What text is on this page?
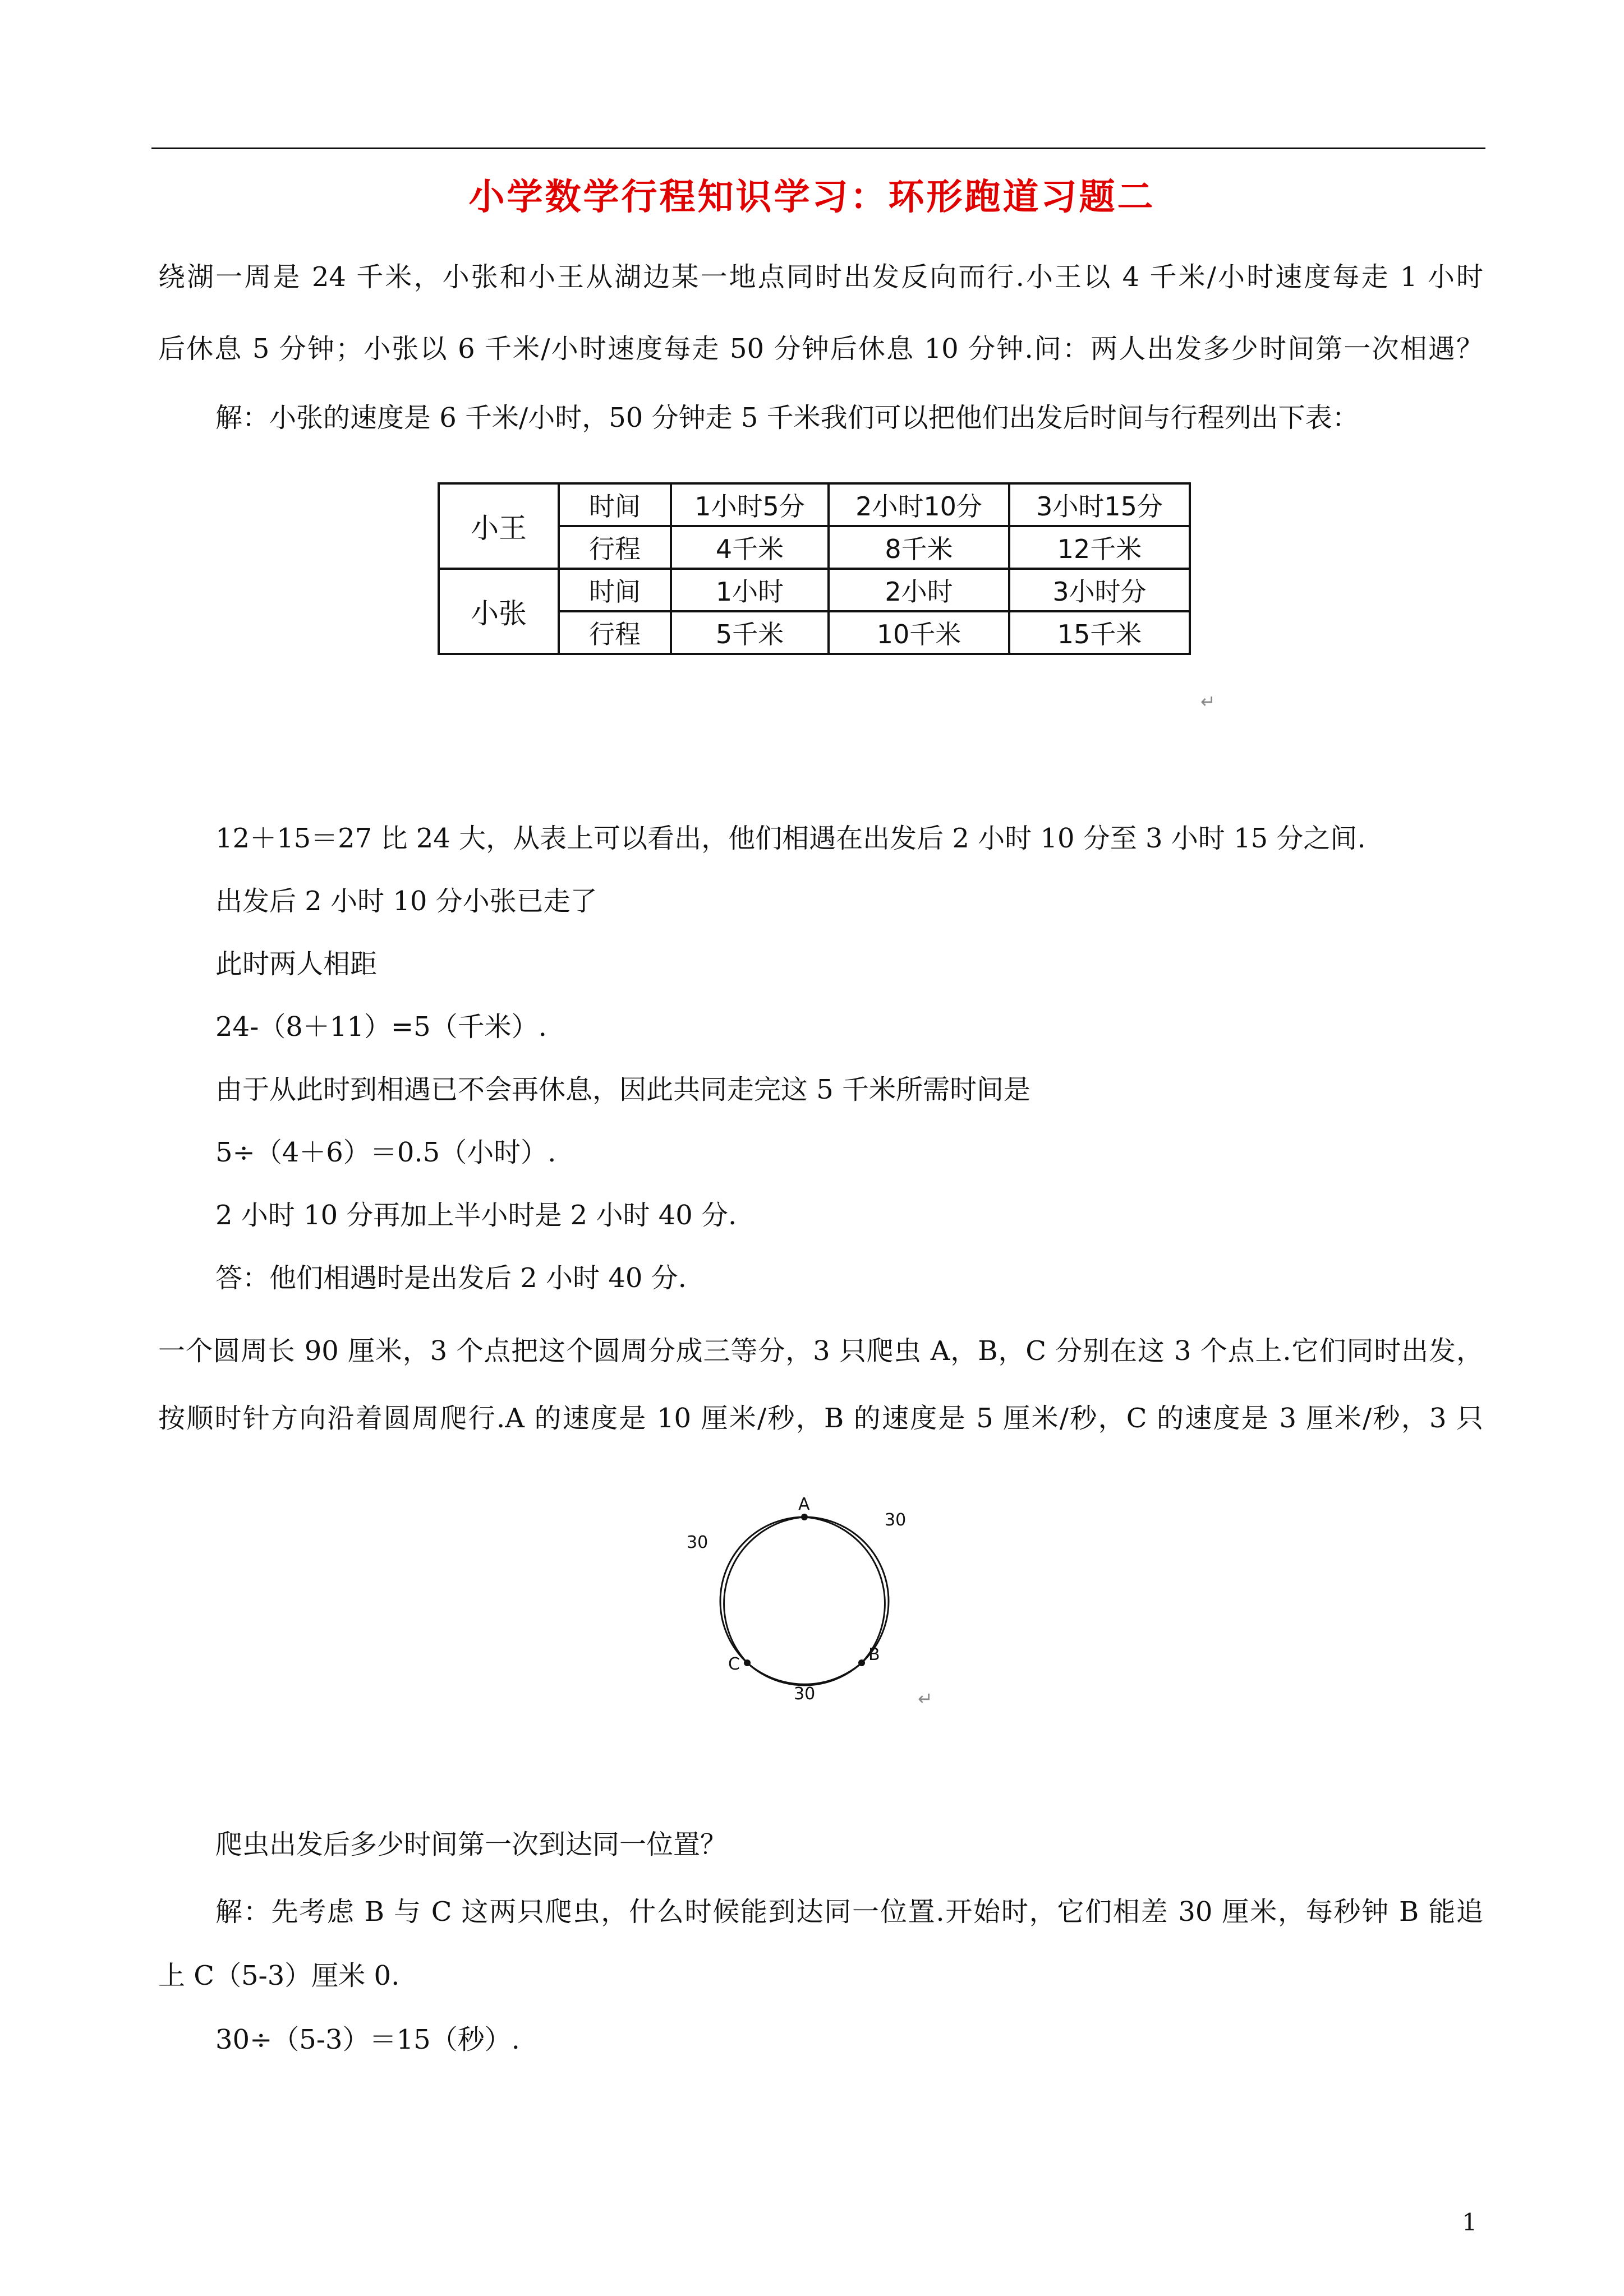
小学数学行程知识学习：环形跑道习题二
绕湖一周是 24 千米，小张和小王从湖边某一地点同时出发反向而行.小王以 4 千米/小时速度每走 1 小时
后休息 5 分钟；小张以 6 千米/小时速度每走 50 分钟后休息 10 分钟.问：两人出发多少时间第一次相遇？
解：小张的速度是 6 千米/小时，50 分钟走 5 千米我们可以把他们出发后时间与行程列出下表：
小王	时间	1小时5分	2小时10分	3小时15分
	行程	4千米	8千米	12千米
小张	时间	1小时	2小时	3小时分
	行程	5千米	10千米	15千米
↵
12＋15＝27 比 24 大，从表上可以看出，他们相遇在出发后 2 小时 10 分至 3 小时 15 分之间.
出发后 2 小时 10 分小张已走了
此时两人相距
24-（8＋11）=5（千米）.
由于从此时到相遇已不会再休息，因此共同走完这 5 千米所需时间是
5÷（4＋6）＝0.5（小时）.
2 小时 10 分再加上半小时是 2 小时 40 分.
答：他们相遇时是出发后 2 小时 40 分.
一个圆周长 90 厘米，3 个点把这个圆周分成三等分，3 只爬虫 A，B，C 分别在这 3 个点上.它们同时出发，
按顺时针方向沿着圆周爬行.A 的速度是 10 厘米/秒，B 的速度是 5 厘米/秒，C 的速度是 3 厘米/秒，3 只
A
B
C
30
30
30	↵
爬虫出发后多少时间第一次到达同一位置？
解：先考虑 B 与 C 这两只爬虫，什么时候能到达同一位置.开始时，它们相差 30 厘米，每秒钟 B 能追
上 C（5-3）厘米 0.
30÷（5-3）＝15（秒）.
1
